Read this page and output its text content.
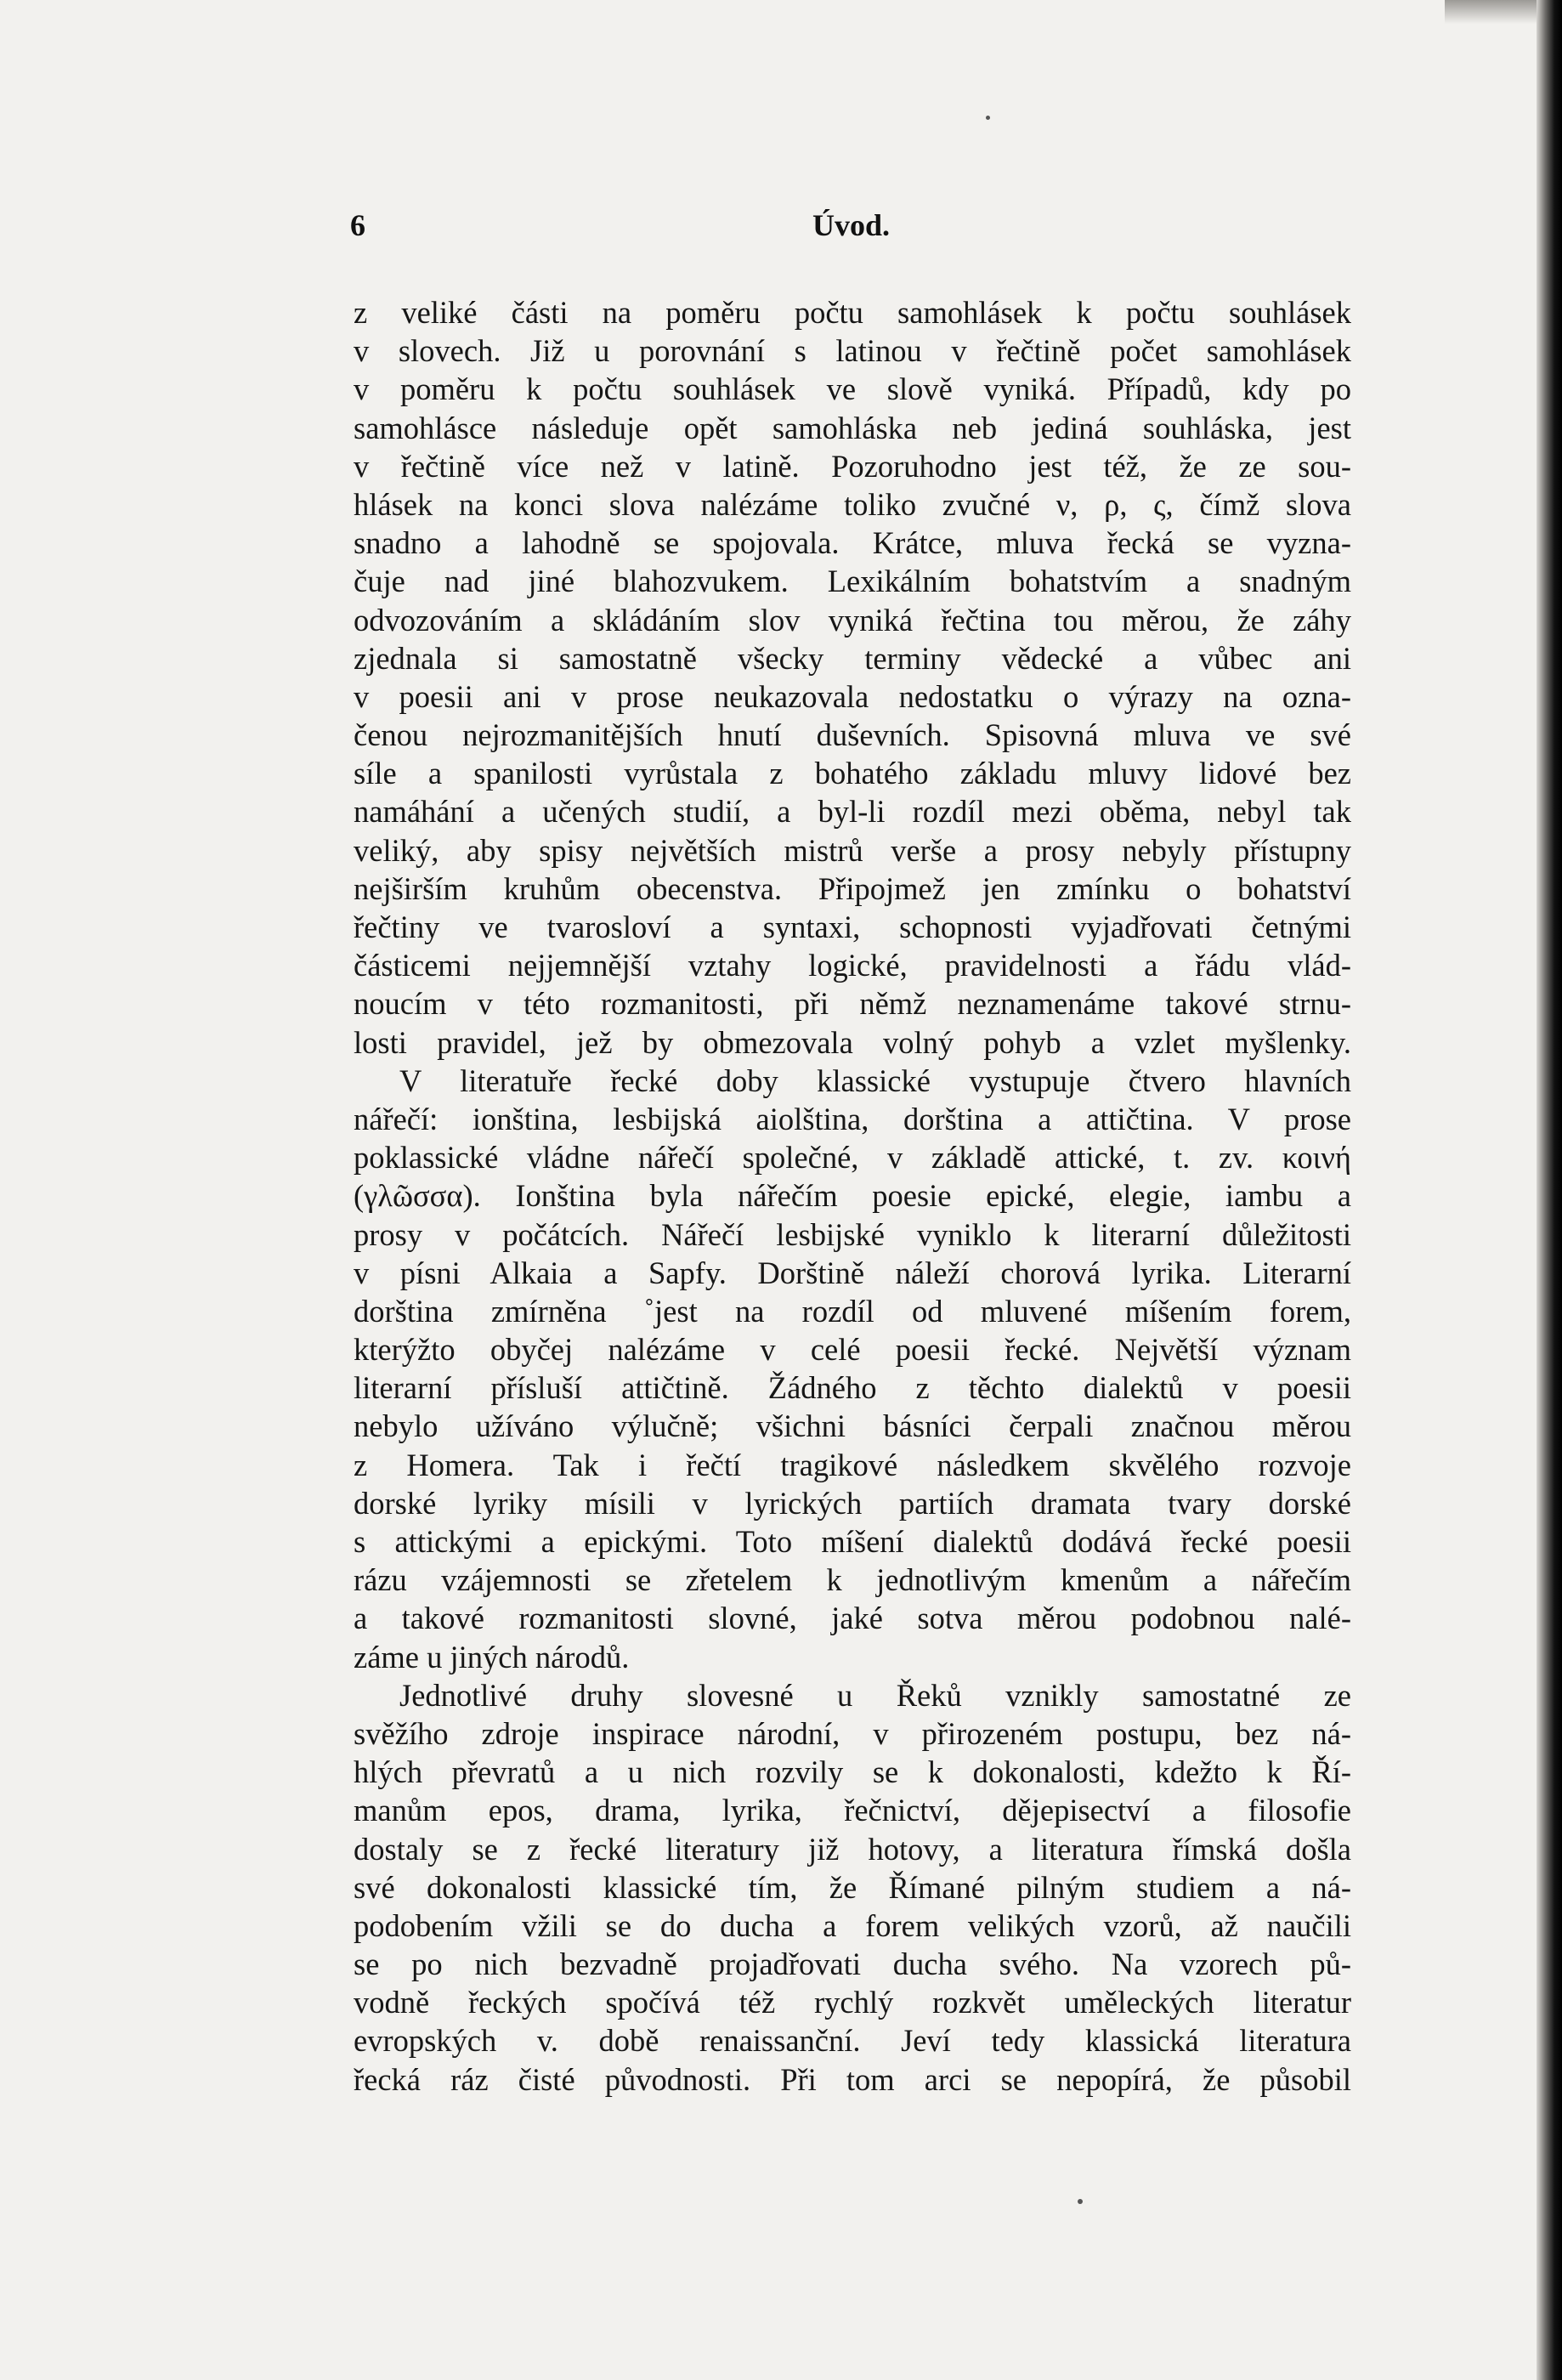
6	Úvod.
z veliké části na poměru počtu samohlásek k počtu souhlásek
v slovech. Již u porovnání s latinou v řečtině počet samohlásek
v poměru k počtu souhlásek ve slově vyniká. Případů, kdy po
samohlásce následuje opět samohláska neb jediná souhláska, jest
v řečtině více než v latině. Pozoruhodno jest též, že ze sou-
hlásek na konci slova nalézáme toliko zvučné ν, ρ, ς, čímž slova
snadno a lahodně se spojovala. Krátce, mluva řecká se vyzna-
čuje nad jiné blahozvukem. Lexikálním bohatstvím a snadným
odvozováním a skládáním slov vyniká řečtina tou měrou, že záhy
zjednala si samostatně všecky terminy vědecké a vůbec ani
v poesii ani v prose neukazovala nedostatku o výrazy na ozna-
čenou nejrozmanitějších hnutí duševních. Spisovná mluva ve své
síle a spanilosti vyrůstala z bohatého základu mluvy lidové bez
namáhání a učených studií, a byl-li rozdíl mezi oběma, nebyl tak
veliký, aby spisy největších mistrů verše a prosy nebyly přístupny
nejširším kruhům obecenstva. Připojmež jen zmínku o bohatství
řečtiny ve tvarosloví a syntaxi, schopnosti vyjadřovati četnými
částicemi nejjemnější vztahy logické, pravidelnosti a řádu vlád-
noucím v této rozmanitosti, při němž neznamenáme takové strnu-
losti pravidel, jež by obmezovala volný pohyb a vzlet myšlenky.
V literatuře řecké doby klassické vystupuje čtvero hlavních
nářečí: ionština, lesbijská aiolština, dorština a attičtina. V prose
poklassické vládne nářečí společné, v základě attické, t. zv. κοινή
(γλῶσσα). Ionština byla nářečím poesie epické, elegie, iambu a
prosy v počátcích. Nářečí lesbijské vyniklo k literarní důležitosti
v písni Alkaia a Sapfy. Dorštině náleží chorová lyrika. Literarní
dorština zmírněna ˚jest na rozdíl od mluvené míšením forem,
kterýžto obyčej nalézáme v celé poesii řecké. Největší význam
literarní přísluší attičtině. Žádného z těchto dialektů v poesii
nebylo užíváno výlučně; všichni básníci čerpali značnou měrou
z Homera. Tak i řečtí tragikové následkem skvělého rozvoje
dorské lyriky mísili v lyrických partiích dramata tvary dorské
s attickými a epickými. Toto míšení dialektů dodává řecké poesii
rázu vzájemnosti se zřetelem k jednotlivým kmenům a nářečím
a takové rozmanitosti slovné, jaké sotva měrou podobnou nalé-
záme u jiných národů.
Jednotlivé druhy slovesné u Řeků vznikly samostatné ze
svěžího zdroje inspirace národní, v přirozeném postupu, bez ná-
hlých převratů a u nich rozvily se k dokonalosti, kdežto k Ří-
manům epos, drama, lyrika, řečnictví, dějepisectví a filosofie
dostaly se z řecké literatury již hotovy, a literatura římská došla
své dokonalosti klassické tím, že Římané pilným studiem a ná-
podobením vžili se do ducha a forem velikých vzorů, až naučili
se po nich bezvadně projadřovati ducha svého. Na vzorech pů-
vodně řeckých spočívá též rychlý rozkvět uměleckých literatur
evropských v. době renaissanční. Jeví tedy klassická literatura
řecká ráz čisté původnosti. Při tom arci se nepopírá, že působil
